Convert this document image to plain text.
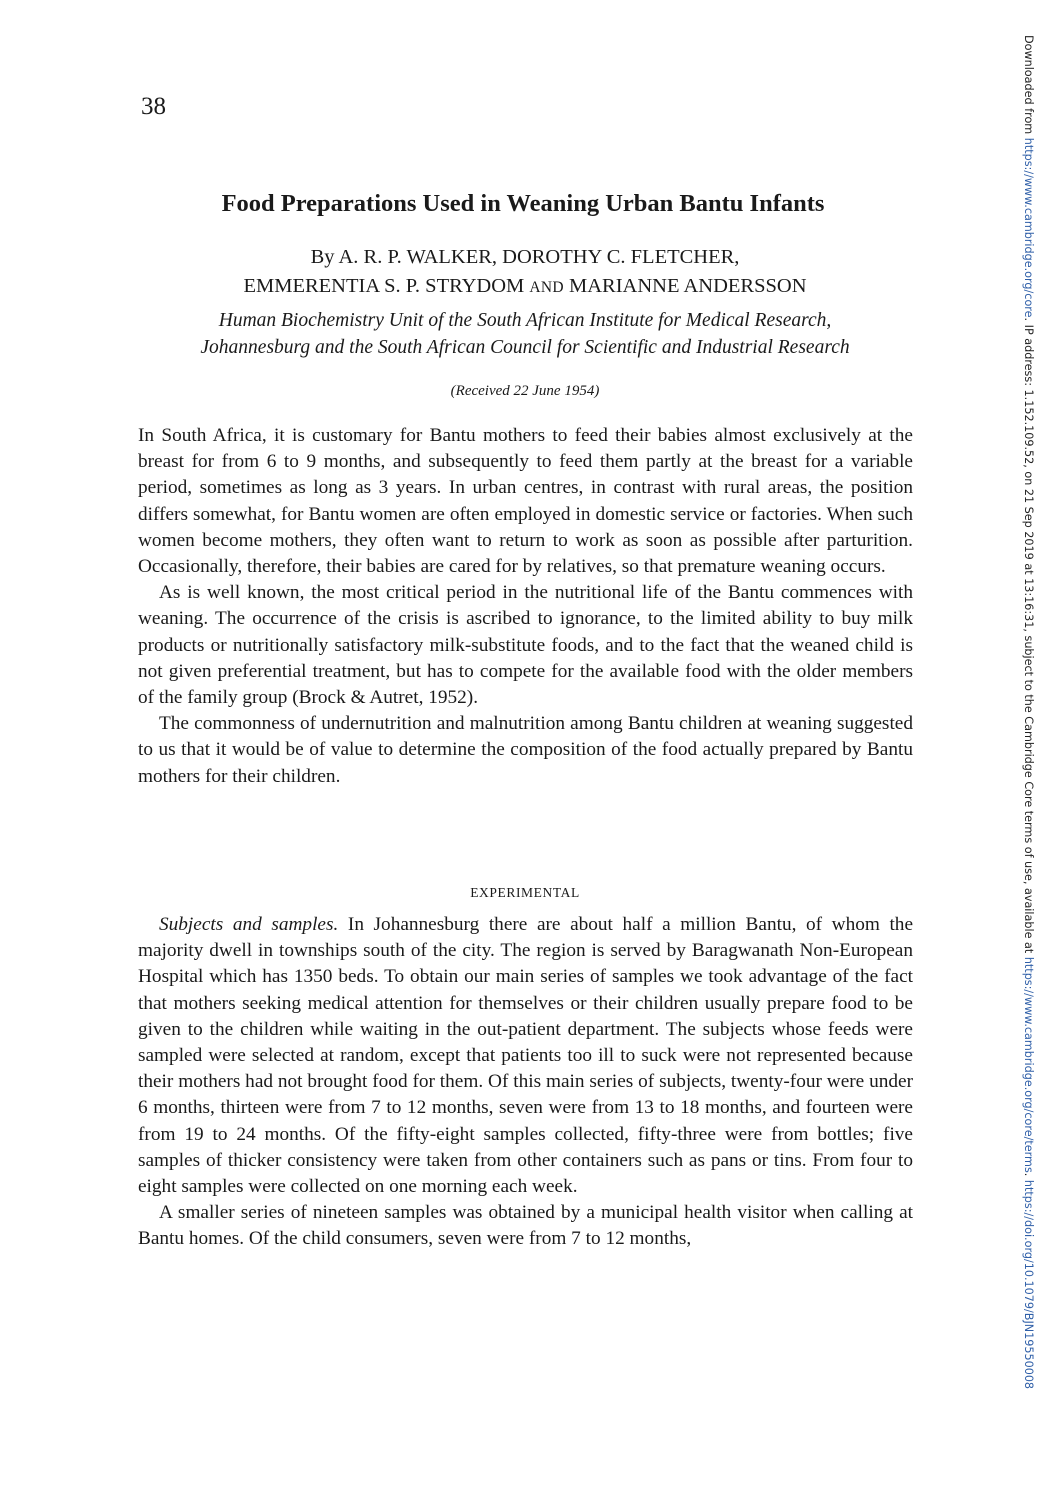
38
Food Preparations Used in Weaning Urban Bantu Infants
By A. R. P. WALKER, DOROTHY C. FLETCHER,
EMMERENTIA S. P. STRYDOM AND MARIANNE ANDERSSON
Human Biochemistry Unit of the South African Institute for Medical Research,
Johannesburg and the South African Council for Scientific and Industrial Research
(Received 22 June 1954)

In South Africa, it is customary for Bantu mothers to feed their babies almost exclusively at the breast for from 6 to 9 months, and subsequently to feed them partly at the breast for a variable period, sometimes as long as 3 years. In urban centres, in contrast with rural areas, the position differs somewhat, for Bantu women are often employed in domestic service or factories. When such women become mothers, they often want to return to work as soon as possible after parturition. Occasionally, therefore, their babies are cared for by relatives, so that premature weaning occurs.

As is well known, the most critical period in the nutritional life of the Bantu commences with weaning. The occurrence of the crisis is ascribed to ignorance, to the limited ability to buy milk products or nutritionally satisfactory milk-substitute foods, and to the fact that the weaned child is not given preferential treatment, but has to compete for the available food with the older members of the family group (Brock & Autret, 1952).

The commonness of undernutrition and malnutrition among Bantu children at weaning suggested to us that it would be of value to determine the composition of the food actually prepared by Bantu mothers for their children.

EXPERIMENTAL

Subjects and samples. In Johannesburg there are about half a million Bantu, of whom the majority dwell in townships south of the city. The region is served by Baragwanath Non-European Hospital which has 1350 beds. To obtain our main series of samples we took advantage of the fact that mothers seeking medical attention for themselves or their children usually prepare food to be given to the children while waiting in the out-patient department. The subjects whose feeds were sampled were selected at random, except that patients too ill to suck were not represented because their mothers had not brought food for them. Of this main series of subjects, twenty-four were under 6 months, thirteen were from 7 to 12 months, seven were from 13 to 18 months, and fourteen were from 19 to 24 months. Of the fifty-eight samples collected, fifty-three were from bottles; five samples of thicker consistency were taken from other containers such as pans or tins. From four to eight samples were collected on one morning each week.

A smaller series of nineteen samples was obtained by a municipal health visitor when calling at Bantu homes. Of the child consumers, seven were from 7 to 12 months,

Downloaded from https://www.cambridge.org/core. IP address: 1.152.109.52, on 21 Sep 2019 at 13:16:31, subject to the Cambridge Core terms of use, available at https://www.cambridge.org/core/terms. https://doi.org/10.1079/BJN19550008
